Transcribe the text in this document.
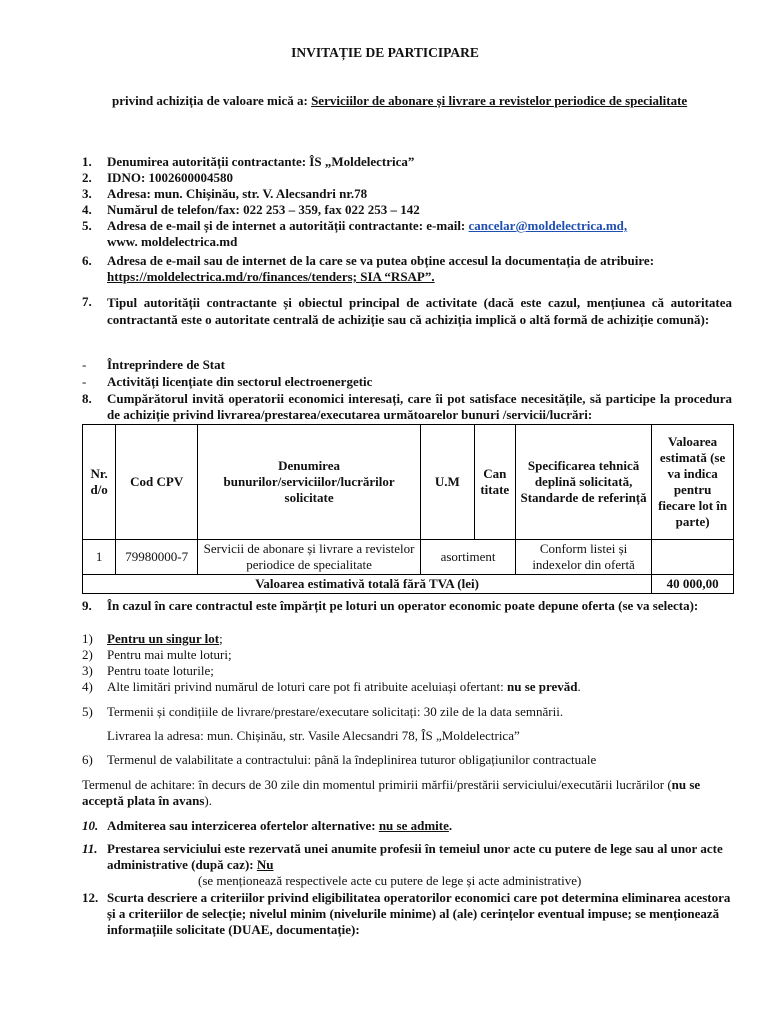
INVITAȚIE DE PARTICIPARE
privind achiziția de valoare mică a: Serviciilor de abonare și livrare a revistelor periodice de specialitate
1.	Denumirea autorității contractante: ÎS „Moldelectrica”
2.	IDNO: 1002600004580
3.	Adresa: mun. Chișinău, str. V. Alecsandri nr.78
4.	Numărul de telefon/fax: 022 253 – 359, fax 022 253 – 142
5.	Adresa de e-mail și de internet a autorității contractante: e-mail: cancelar@moldelectrica.md,
www. moldelectrica.md
6.	Adresa de e-mail sau de internet de la care se va putea obține accesul la documentația de atribuire:
https://moldelectrica.md/ro/finances/tenders; SIA “RSAP”.
7.	Tipul autorității contractante și obiectul principal de activitate (dacă este cazul, mențiunea că autoritatea contractantă este o autoritate centrală de achiziție sau că achiziția implică o altă formă de achiziție comună):
-	Întreprindere de Stat
-	Activități licențiate din sectorul electroenergetic
8.	Cumpărătorul invită operatorii economici interesați, care îi pot satisface necesitățile, să participe la procedura de achiziție privind livrarea/prestarea/executarea următoarelor bunuri /servicii/lucrări:
Nr. d/o	Cod CPV	Denumirea bunurilor/serviciilor/lucrărilor solicitate	U.M	Can titate	Specificarea tehnică deplină solicitată, Standarde de referință	Valoarea estimată (se va indica pentru fiecare lot în parte)
1	79980000-7	Servicii de abonare și livrare a revistelor periodice de specialitate	asortiment		Conform listei și indexelor din ofertă	
Valoarea estimativă totală fără TVA (lei)						40 000,00
9.	În cazul în care contractul este împărțit pe loturi un operator economic poate depune oferta (se va selecta):
1)	Pentru un singur lot;
2)	Pentru mai multe loturi;
3)	Pentru toate loturile;
4)	Alte limitări privind numărul de loturi care pot fi atribuite aceluiași ofertant: nu se prevăd.
5)	Termenii și condițiile de livrare/prestare/executare solicitați: 30 zile de la data semnării.
Livrarea la adresa: mun. Chișinău, str. Vasile Alecsandri 78, ÎS „Moldelectrica”
6)	Termenul de valabilitate a contractului: până la îndeplinirea tuturor obligațiunilor contractuale
Termenul de achitare: în decurs de 30 zile din momentul primirii mărfii/prestării serviciului/executării lucrărilor (nu se acceptă plata în avans).
10. Admiterea sau interzicerea ofertelor alternative: nu se admite.
11. Prestarea serviciului este rezervată unei anumite profesii în temeiul unor acte cu putere de lege sau al unor acte administrative (după caz): Nu
(se menționează respectivele acte cu putere de lege și acte administrative)
12. Scurta descriere a criteriilor privind eligibilitatea operatorilor economici care pot determina eliminarea acestora și a criteriilor de selecție; nivelul minim (nivelurile minime) al (ale) cerințelor eventual impuse; se menționează informațiile solicitate (DUAE, documentație):
